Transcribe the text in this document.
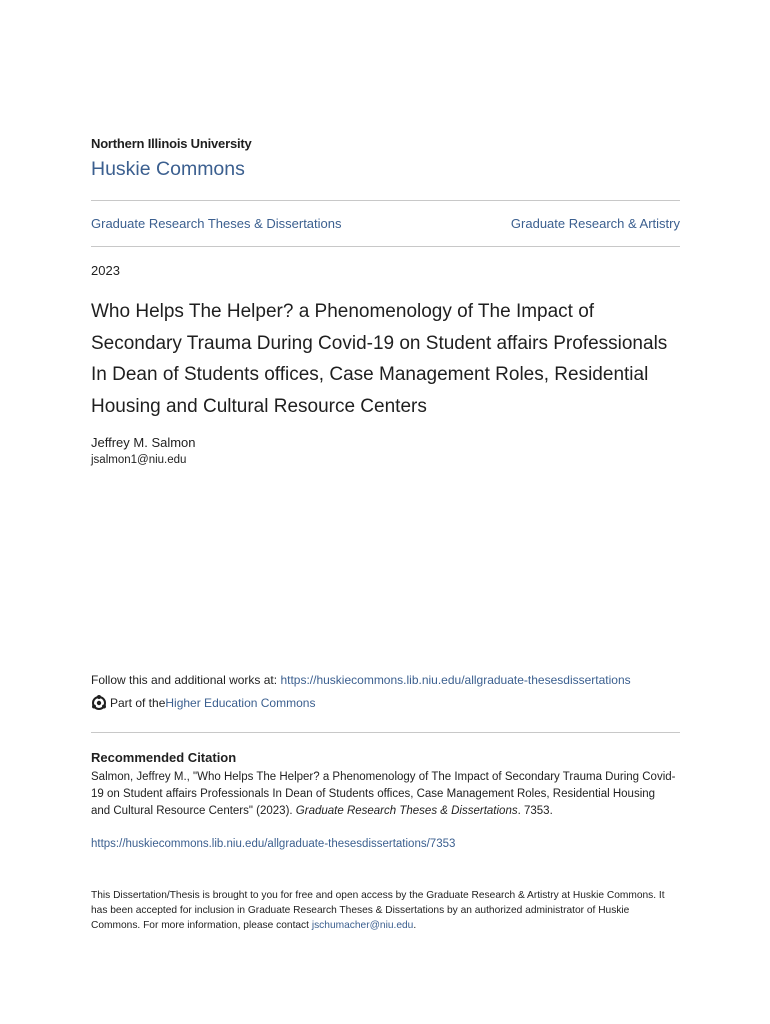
Northern Illinois University
Huskie Commons
Graduate Research Theses & Dissertations	Graduate Research & Artistry
2023
Who Helps The Helper? a Phenomenology of The Impact of Secondary Trauma During Covid-19 on Student affairs Professionals In Dean of Students offices, Case Management Roles, Residential Housing and Cultural Resource Centers
Jeffrey M. Salmon
jsalmon1@niu.edu
Follow this and additional works at: https://huskiecommons.lib.niu.edu/allgraduate-thesesdissertations
Part of the Higher Education Commons
Recommended Citation
Salmon, Jeffrey M., "Who Helps The Helper? a Phenomenology of The Impact of Secondary Trauma During Covid-19 on Student affairs Professionals In Dean of Students offices, Case Management Roles, Residential Housing and Cultural Resource Centers" (2023). Graduate Research Theses & Dissertations. 7353.
https://huskiecommons.lib.niu.edu/allgraduate-thesesdissertations/7353
This Dissertation/Thesis is brought to you for free and open access by the Graduate Research & Artistry at Huskie Commons. It has been accepted for inclusion in Graduate Research Theses & Dissertations by an authorized administrator of Huskie Commons. For more information, please contact jschumacher@niu.edu.
